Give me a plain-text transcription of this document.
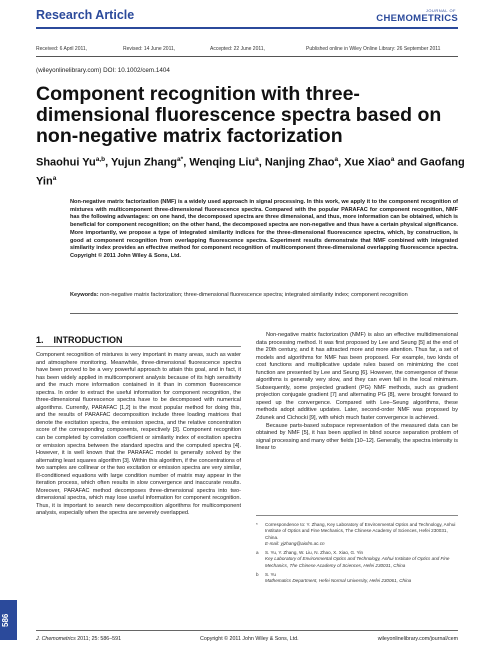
Research Article	JOURNAL OF
CHEMOMETRICS
Received: 6 April 2011,	Revised: 14 June 2011,	Accepted: 22 June 2011,	Published online in Wiley Online Library: 26 September 2011
(wileyonlinelibrary.com) DOI: 10.1002/cem.1404
Component recognition with three-dimensional fluorescence spectra based on non-negative matrix factorization
Shaohui Yu$^{a,b}$, Yujun Zhang$^{a*}$, Wenqing Liu$^a$, Nanjing Zhao$^a$, Xue Xiao$^a$ and Gaofang Yin$^a$

Non-negative matrix factorization (NMF) is a widely used approach in signal processing. In this work, we apply it to the component recognition of mixtures with multicomponent three-dimensional fluorescence spectra. Compared with the popular PARAFAC for component recognition, NMF has the following advantages: on one hand, the decomposed spectra are three dimensional, and thus, more information can be obtained, which is beneficial for component recognition; on the other hand, the decomposed spectra are non-negative and thus have a certain physical significance. More importantly, we propose a type of integrated similarity indices for the three-dimensional fluorescence spectra, which, by construction, is good at component recognition from overlapping fluorescence spectra. Experiment results demonstrate that NMF combined with integrated similarity index provides an effective method for component recognition of multicomponent three-dimensional overlapping fluorescence spectra. Copyright © 2011 John Wiley & Sons, Ltd.

Keywords: non-negative matrix factorization; three-dimensional fluorescence spectra; integrated similarity index; component recognition

1. INTRODUCTION

Component recognition of mixtures is very important in many areas, such as water and atmosphere monitoring. Meanwhile, three-dimensional fluorescence spectra have been proved to be a very powerful approach to attain this goal, and in fact, it has been widely applied in multicomponent analysis because of its high sensitivity and the much more information contained in it than in common fluorescence spectra. In order to extract the useful information for component recognition, the three-dimensional fluorescence spectra have to be decomposed with numerical algorithms. Currently, PARAFAC [1,2] is the most popular method for doing this, and the results of PARAFAC decomposition include three loading matrices that denote the excitation spectra, the emission spectra, and the relative concentration score of the corresponding components, respectively [3]. Component recognition can be completed by correlation coefficient or similarity index of excitation spectra or emission spectra between the standard spectra and the computed spectra [4]. However, it is well known that the PARAFAC model is generally solved by the alternating least squares algorithm [3]. Within this algorithm, if the concentrations of two samples are collinear or the two excitation or emission spectra are very similar, ill-conditioned equations with large condition number of matrix may appear in the iteration process, which often results in slow convergence and inaccurate results. Moreover, PARAFAC method decomposes three-dimensional spectra into two-dimensional spectra, which may lose useful information for component recognition. Thus, it is important to search new decomposition algorithms for multicomponent analysis, especially when the spectra are severely overlapped.

Non-negative matrix factorization (NMF) is also an effective multidimensional data processing method. It was first proposed by Lee and Seung [5] at the end of the 20th century, and it has attracted more and more attention. Thus far, a set of models and algorithms for NMF has been proposed. For example, two kinds of cost functions and multiplicative update rules based on minimizing the cost function are presented by Lee and Seung [6]. However, the convergence of these algorithms is generally very slow, and they can even fall in the local minimum. Subsequently, some projected gradient (PG) NMF methods, such as gradient projection conjugate gradient [7] and alternating PG [8], were brought forward to speed up the convergence. Compared with Lee–Seung algorithms, these methods adopt additive updates. Later, second-order NMF was proposed by Zdunek and Cichocki [9], with which much faster convergence is achieved.

Because parts-based subspace representation of the measured data can be obtained by NMF [5], it has been applied in blind source separation problem of signal processing and many other fields [10–12]. Generally, the spectra intensity is linear to

* Correspondence to: Y. Zhang, Key Laboratory of Environmental Optics and Technology, Anhui Institute of Optics and Fine Mechanics, The Chinese Academy of Sciences, Hefei 230031, China.
E-mail: yjzhang@aiofm.ac.cn
a S. Yu, Y. Zhang, W. Liu, N. Zhao, X. Xiao, G. Yin
Key Laboratory of Environmental Optics and Technology, Anhui Institute of Optics and Fine Mechanics, The Chinese Academy of Sciences, Hefei 230031, China
b S. Yu
Mathematics Department, Hefei Normal University, Hefei 230061, China
586
J. Chemometrics 2011; 25: 586–591	Copyright © 2011 John Wiley & Sons, Ltd.	wileyonlinelibrary.com/journal/cem
